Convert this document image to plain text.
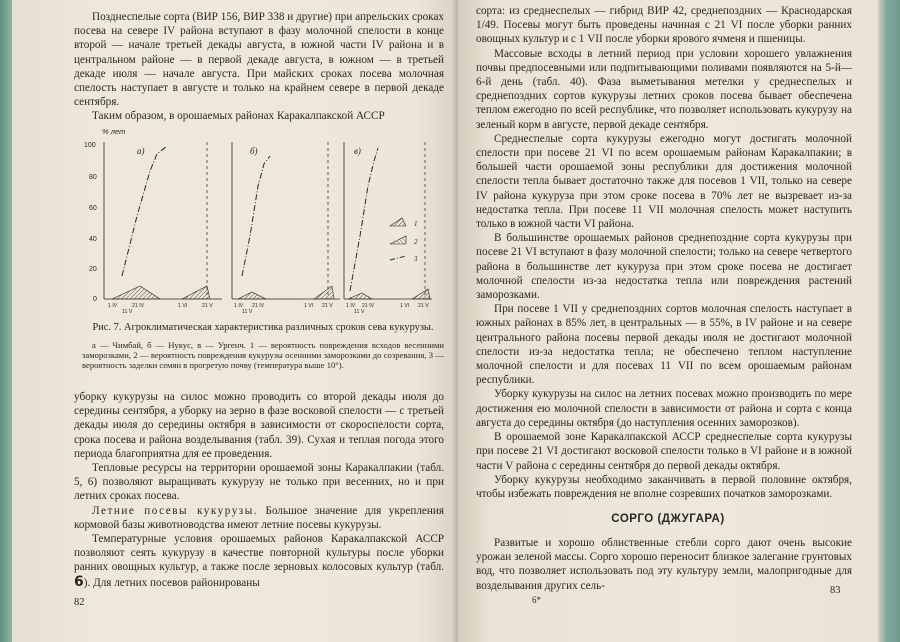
Позднеспелые сорта (ВИР 156, ВИР 338 и другие) при апрельских сроках посева на севере IV района вступают в фазу молочной спелости в конце второй — начале третьей декады августа, в южной части IV района и в центральном районе — в первой декаде августа, в южном — в третьей декаде июля — начале августа. При майских сроках посева молочная спелость наступает в августе и только на крайнем севере в первой декаде сентября.

Таким образом, в орошаемых районах Каракалпакской АССР

% лет
100
80
60
40
20
0
а)	б)	в)
1
2
3
1 IV	21 IV
11 V
1 VI	21 V	1 IV 21 IV
11 V
1 VI 21 V	1 IV 21 IV
11 V
1 VI 21 V
Рис. 7. Агроклиматическая характеристика различных сроков сева кукурузы.
а — Чимбай, б — Нукус, в — Ургенч. 1 — вероятность повреждения всходов весенними заморозками, 2 — вероятность повреждения кукурузы осенними заморозками до созревания, 3 — вероятность заделки семян в прогретую почву (температура выше 10°).

уборку кукурузы на силос можно проводить со второй декады июля до середины сентября, а уборку на зерно в фазе восковой спелости — с третьей декады июля до середины октября в зависимости от скороспелости сорта, срока посева и района возделывания (табл. 39). Сухая и теплая погода этого периода благоприятна для ее проведения.

Тепловые ресурсы на территории орошаемой зоны Каракалпакии (табл. 5, 6) позволяют выращивать кукурузу не только при весенних, но и при летних сроках посева.

Летние посевы кукурузы. Большое значение для укрепления кормовой базы животноводства имеют летние посевы кукурузы.

Температурные условия орошаемых районов Каракалпакской АССР позволяют сеять кукурузу в качестве повторной культуры после уборки ранних овощных культур, а также после зерновых колосовых культур (табл. 6). Для летних посевов районированы

82

сорта: из среднеспелых — гибрид ВИР 42, среднепоздних — Краснодарская 1/49. Посевы могут быть проведены начиная с 21 VI после уборки ранних овощных культур и с 1 VII после уборки ярового ячменя и пшеницы.

Массовые всходы в летний период при условии хорошего увлажнения почвы предпосевными или подпитывающими поливами появляются на 5-й—6-й день (табл. 40). Фаза выметывания метелки у среднеспелых и среднепоздних сортов кукурузы летних сроков посева бывает обеспечена теплом ежегодно по всей республике, что позволяет использовать кукурузу на зеленый корм в августе, первой декаде сентября.

Среднеспелые сорта кукурузы ежегодно могут достигать молочной спелости при посеве 21 VI по всем орошаемым районам Каракалпакии; в большей части орошаемой зоны республики для достижения молочной спелости тепла бывает достаточно также для посевов 1 VII, только на севере IV района кукуруза при этом сроке посева в 70% лет не вызревает из-за недостатка тепла. При посеве 11 VII молочная спелость может наступить только в южной части VI района.

В большинстве орошаемых районов среднепоздние сорта кукурузы при посеве 21 VI вступают в фазу молочной спелости; только на севере четвертого района в большинстве лет кукуруза при этом сроке посева не достигает молочной спелости из-за недостатка тепла или повреждения растений заморозками.

При посеве 1 VII у среднепоздних сортов молочная спелость наступает в южных районах в 85% лет, в центральных — в 55%, в IV районе и на севере центрального района посевы первой декады июля не достигают молочной спелости из-за недостатка тепла; не обеспечено теплом наступление молочной спелости и для посевах 11 VII по всем орошаемым районам республики.

Уборку кукурузы на силос на летних посевах можно производить по мере достижения ею молочной спелости в зависимости от района и сорта с конца августа до середины октября (до наступления осенних заморозков).

В орошаемой зоне Каракалпакской АССР среднеспелые сорта кукурузы при посеве 21 VI достигают восковой спелости только в VI районе и в южной части V района с середины сентября до первой декады октября.

Уборку кукурузы необходимо заканчивать в первой половине октября, чтобы избежать повреждения не вполне созревших початков заморозками.

СОРГО (ДЖУГАРА)

Развитые и хорошо облиственные стебли сорго дают очень высокие урожаи зеленой массы. Сорго хорошо переносит близкое залегание грунтовых вод, что позволяет использовать под эту культуру земли, малопригодные для возделывания других сель-

6*
83
